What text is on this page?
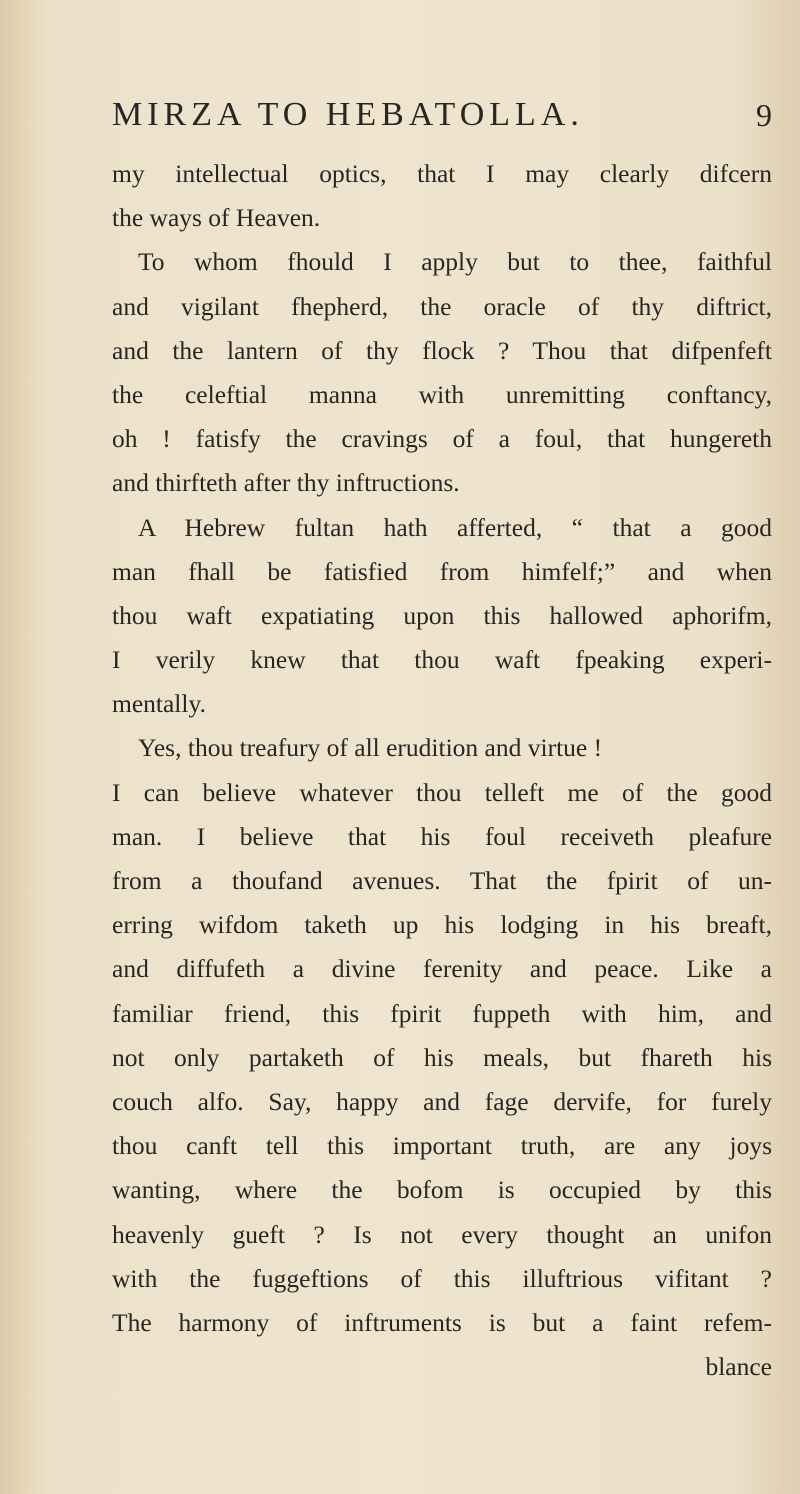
MIRZA TO HEBATOLLA.	9
my intellectual optics, that I may clearly difcern
the ways of Heaven.
To whom fhould I apply but to thee, faithful
and vigilant fhepherd, the oracle of thy diftrict,
and the lantern of thy flock ? Thou that difpenfeft
the celeftial manna with unremitting conftancy,
oh ! fatisfy the cravings of a foul, that hungereth
and thirfteth after thy inftructions.
A Hebrew fultan hath afferted, “ that a good
man fhall be fatisfied from himfelf;” and when
thou waft expatiating upon this hallowed aphorifm,
I verily knew that thou waft fpeaking experi-
mentally.
Yes, thou treafury of all erudition and virtue !
I can believe whatever thou telleft me of the good
man. I believe that his foul receiveth pleafure
from a thoufand avenues. That the fpirit of un-
erring wifdom taketh up his lodging in his breaft,
and diffufeth a divine ferenity and peace. Like a
familiar friend, this fpirit fuppeth with him, and
not only partaketh of his meals, but fhareth his
couch alfo. Say, happy and fage dervife, for furely
thou canft tell this important truth, are any joys
wanting, where the bofom is occupied by this
heavenly gueft ? Is not every thought an unifon
with the fuggeftions of this illuftrious vifitant ?
The harmony of inftruments is but a faint refem-
blance
